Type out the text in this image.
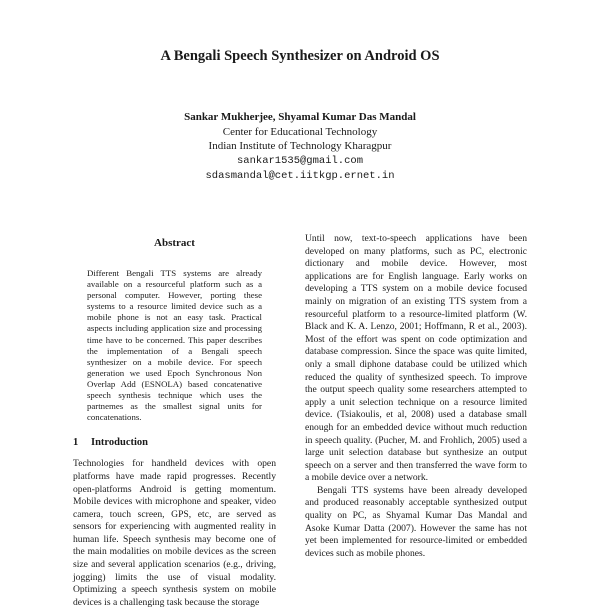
A Bengali Speech Synthesizer on Android OS
Sankar Mukherjee, Shyamal Kumar Das Mandal
Center for Educational Technology
Indian Institute of Technology Kharagpur
sankar1535@gmail.com
sdasmandal@cet.iitkgp.ernet.in
Abstract

Different Bengali TTS systems are already available on a resourceful platform such as a personal computer. However, porting these systems to a resource limited device such as a mobile phone is not an easy task. Practical aspects including application size and processing time have to be concerned. This paper describes the implementation of a Bengali speech synthesizer on a mobile device. For speech generation we used Epoch Synchronous Non Overlap Add (ESNOLA) based concatenative speech synthesis technique which uses the partnemes as the smallest signal units for concatenations.

1 Introduction

Technologies for handheld devices with open platforms have made rapid progresses. Recently open-platforms Android is getting momentum. Mobile devices with microphone and speaker, video camera, touch screen, GPS, etc, are served as sensors for experiencing with augmented reality in human life. Speech synthesis may become one of the main modalities on mobile devices as the screen size and several application scenarios (e.g., driving, jogging) limits the use of visual modality. Optimizing a speech synthesis system on mobile devices is a challenging task because the storage

Until now, text-to-speech applications have been developed on many platforms, such as PC, electronic dictionary and mobile device. However, most applications are for English language. Early works on developing a TTS system on a mobile device focused mainly on migration of an existing TTS system from a resourceful platform to a resource-limited platform (W. Black and K. A. Lenzo, 2001; Hoffmann, R et al., 2003). Most of the effort was spent on code optimization and database compression. Since the space was quite limited, only a small diphone database could be utilized which reduced the quality of synthesized speech. To improve the output speech quality some researchers attempted to apply a unit selection technique on a resource limited device. (Tsiakoulis, et al, 2008) used a database small enough for an embedded device without much reduction in speech quality. (Pucher, M. and Frohlich, 2005) used a large unit selection database but synthesize an output speech on a server and then transferred the wave form to a mobile device over a network.

Bengali TTS systems have been already developed and produced reasonably acceptable synthesized output quality on PC, as Shyamal Kumar Das Mandal and Asoke Kumar Datta (2007). However the same has not yet been implemented for resource-limited or embedded devices such as mobile phones.
